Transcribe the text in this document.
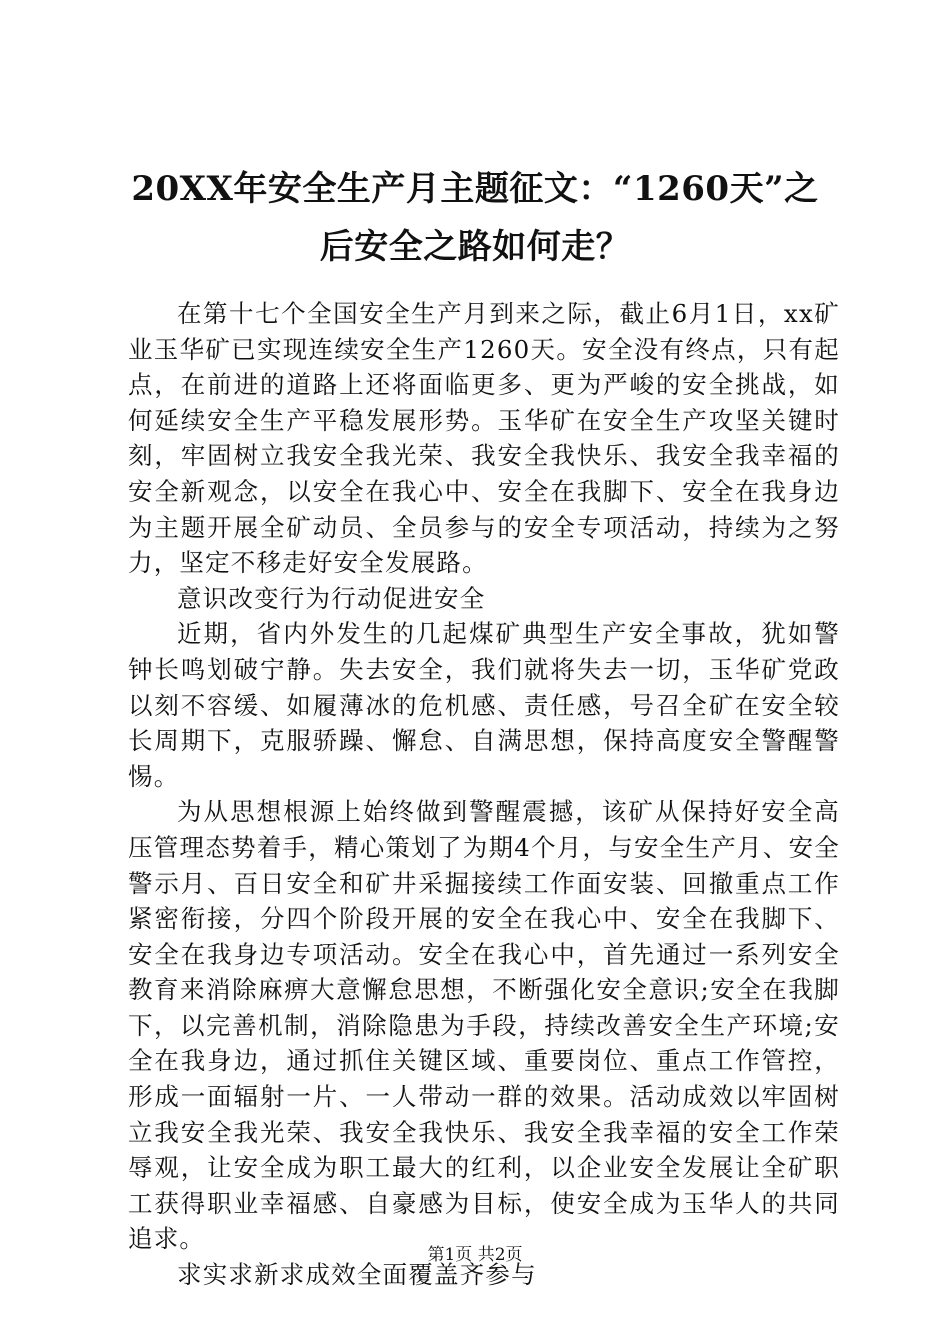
20XX年安全生产月主题征文：“1260天”之后安全之路如何走？

在第十七个全国安全生产月到来之际，截止6月1日，xx矿业玉华矿已实现连续安全生产1260天。安全没有终点，只有起点，在前进的道路上还将面临更多、更为严峻的安全挑战，如何延续安全生产平稳发展形势。玉华矿在安全生产攻坚关键时刻，牢固树立我安全我光荣、我安全我快乐、我安全我幸福的安全新观念，以安全在我心中、安全在我脚下、安全在我身边为主题开展全矿动员、全员参与的安全专项活动，持续为之努力，坚定不移走好安全发展路。

意识改变行为行动促进安全

近期，省内外发生的几起煤矿典型生产安全事故，犹如警钟长鸣划破宁静。失去安全，我们就将失去一切，玉华矿党政以刻不容缓、如履薄冰的危机感、责任感，号召全矿在安全较长周期下，克服骄躁、懈怠、自满思想，保持高度安全警醒警惕。

为从思想根源上始终做到警醒震撼，该矿从保持好安全高压管理态势着手，精心策划了为期4个月，与安全生产月、安全警示月、百日安全和矿井采掘接续工作面安装、回撤重点工作紧密衔接，分四个阶段开展的安全在我心中、安全在我脚下、安全在我身边专项活动。安全在我心中，首先通过一系列安全教育来消除麻痹大意懈怠思想，不断强化安全意识;安全在我脚下，以完善机制，消除隐患为手段，持续改善安全生产环境;安全在我身边，通过抓住关键区域、重要岗位、重点工作管控，形成一面辐射一片、一人带动一群的效果。活动成效以牢固树立我安全我光荣、我安全我快乐、我安全我幸福的安全工作荣辱观，让安全成为职工最大的红利，以企业安全发展让全矿职工获得职业幸福感、自豪感为目标，使安全成为玉华人的共同追求。

求实求新求成效全面覆盖齐参与

第1页 共2页
